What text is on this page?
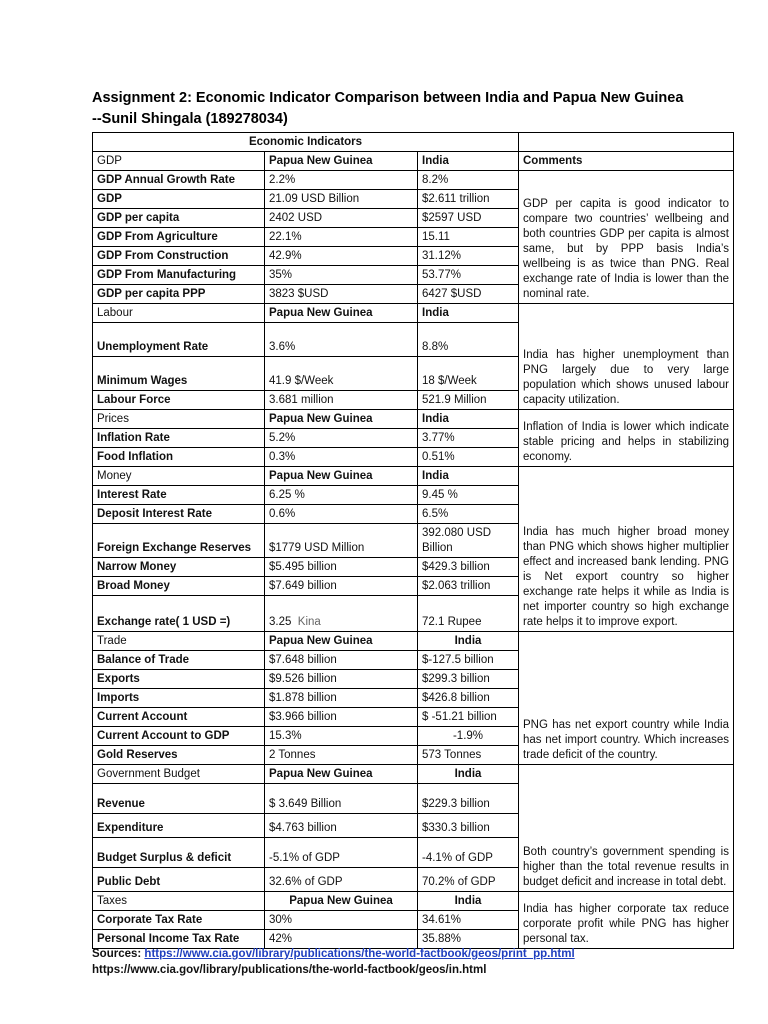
Assignment 2: Economic Indicator Comparison between India and Papua New Guinea --Sunil Shingala (189278034)
Economic Indicators			
GDP	Papua New Guinea	India	Comments
GDP Annual Growth Rate	2.2%	8.2%	GDP per capita is good indicator to compare two countries’ wellbeing and both countries GDP per capita is almost same, but by PPP basis India’s wellbeing is as twice than PNG. Real exchange rate of India is lower than the nominal rate.
GDP	21.09 USD Billion	$2.611 trillion	
GDP per capita	2402 USD	$2597 USD	
GDP From Agriculture	22.1%	15.11	
GDP From Construction	42.9%	31.12%	
GDP From Manufacturing	35%	53.77%	
GDP per capita PPP	3823 $USD	6427 $USD	
Labour	Papua New Guinea	India	India has higher unemployment than PNG largely due to very large population which shows unused labour capacity utilization.
Unemployment Rate	3.6%	8.8%	
Minimum Wages	41.9 $/Week	18 $/Week	
Labour Force	3.681 million	521.9 Million	
Prices	Papua New Guinea	India	Inflation of India is lower which indicate stable pricing and helps in stabilizing economy.
Inflation Rate	5.2%	3.77%	
Food Inflation	0.3%	0.51%	
Money	Papua New Guinea	India	India has much higher broad money than PNG which shows higher multiplier effect and increased bank lending. PNG is Net export country so higher exchange rate helps it while as India is net importer country so high exchange rate helps it to improve export.
Interest Rate	6.25 %	9.45 %	
Deposit Interest Rate	0.6%	6.5%	
Foreign Exchange Reserves	$1779 USD Million	392.080 USD Billion	
Narrow Money	$5.495 billion	$429.3 billion	
Broad Money	$7.649 billion	$2.063 trillion	
Exchange rate( 1 USD =)	3.25 Kina	72.1 Rupee	
Trade	Papua New Guinea	India	PNG has net export country while India has net import country. Which increases trade deficit of the country.
Balance of Trade	$7.648 billion	$-127.5 billion	
Exports	$9.526 billion	$299.3 billion	
Imports	$1.878 billion	$426.8 billion	
Current Account	$3.966 billion	$ -51.21 billion	
Current Account to GDP	15.3%	-1.9%	
Gold Reserves	2 Tonnes	573 Tonnes	
Government Budget	Papua New Guinea	India	Both country’s government spending is higher than the total revenue results in budget deficit and increase in total debt.
Revenue	$ 3.649 Billion	$229.3 billion	
Expenditure	$4.763 billion	$330.3 billion	
Budget Surplus & deficit	-5.1% of GDP	-4.1% of GDP	
Public Debt	32.6% of GDP	70.2% of GDP	
Taxes	Papua New Guinea	India	India has higher corporate tax reduce corporate profit while PNG has higher personal tax.
Corporate Tax Rate	30%	34.61%	
Personal Income Tax Rate	42%	35.88%	
Sources: https://www.cia.gov/library/publications/the-world-factbook/geos/print_pp.html
https://www.cia.gov/library/publications/the-world-factbook/geos/in.html
